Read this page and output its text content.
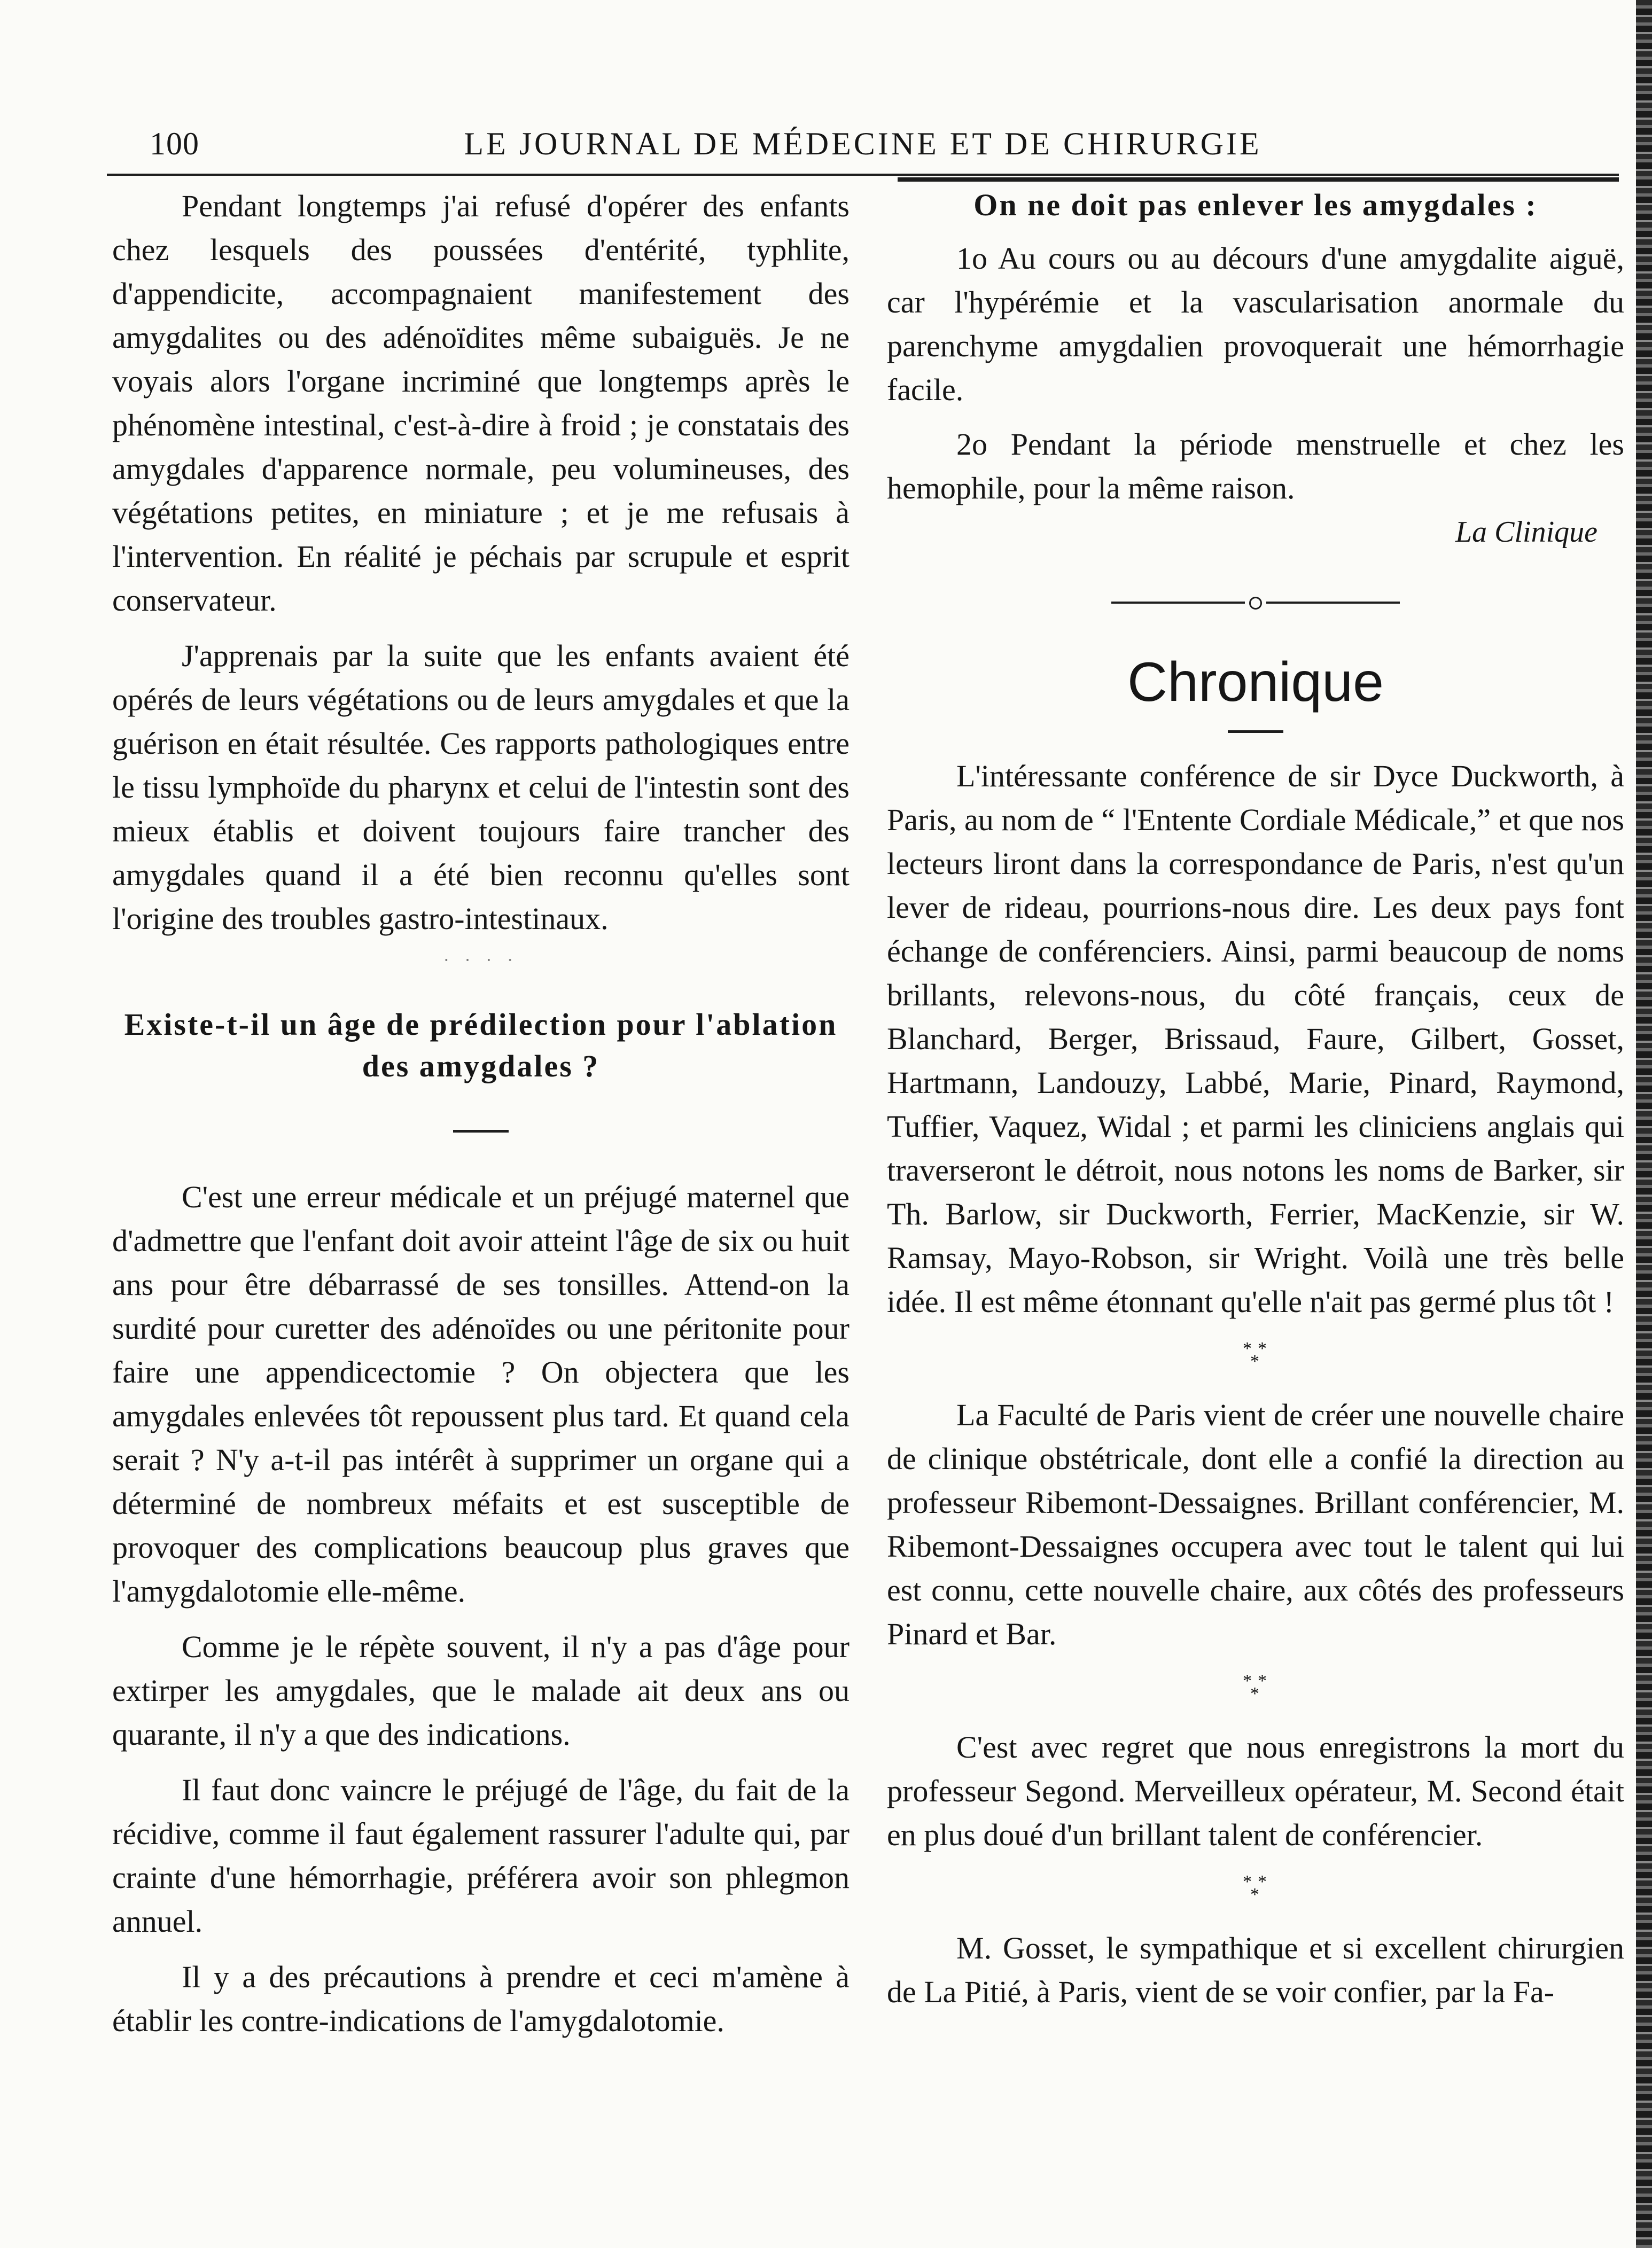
100	LE JOURNAL DE MÉDECINE ET DE CHIRURGIE

Pendant longtemps j'ai refusé d'opérer des enfants chez lesquels des poussées d'entérité, typhlite, d'appendicite, accompagnaient manifestement des amygdalites ou des adénoïdites même subaiguës. Je ne voyais alors l'organe incriminé que longtemps après le phénomène intestinal, c'est-à-dire à froid ; je constatais des amygdales d'apparence normale, peu volumineuses, des végétations petites, en miniature ; et je me refusais à l'intervention. En réalité je péchais par scrupule et esprit conservateur.

J'apprenais par la suite que les enfants avaient été opérés de leurs végétations ou de leurs amygdales et que la guérison en était résultée. Ces rapports pathologiques entre le tissu lymphoïde du pharynx et celui de l'intestin sont des mieux établis et doivent toujours faire trancher des amygdales quand il a été bien reconnu qu'elles sont l'origine des troubles gastro-intestinaux.

· · · ·
Existe-t-il un âge de prédilection pour l'ablation des amygdales ?

C'est une erreur médicale et un préjugé maternel que d'admettre que l'enfant doit avoir atteint l'âge de six ou huit ans pour être débarrassé de ses tonsilles. Attend-on la surdité pour curetter des adénoïdes ou une péritonite pour faire une appendicectomie ? On objectera que les amygdales enlevées tôt repoussent plus tard. Et quand cela serait ? N'y a-t-il pas intérêt à supprimer un organe qui a déterminé de nombreux méfaits et est susceptible de provoquer des complications beaucoup plus graves que l'amygdalotomie elle-même.

Comme je le répète souvent, il n'y a pas d'âge pour extirper les amygdales, que le malade ait deux ans ou quarante, il n'y a que des indications.

Il faut donc vaincre le préjugé de l'âge, du fait de la récidive, comme il faut également rassurer l'adulte qui, par crainte d'une hémorrhagie, préférera avoir son phlegmon annuel.

Il y a des précautions à prendre et ceci m'amène à établir les contre-indications de l'amygdalotomie.

On ne doit pas enlever les amygdales :

1o Au cours ou au décours d'une amygdalite aiguë, car l'hypérémie et la vascularisation anormale du parenchyme amygdalien provoquerait une hémorrhagie facile.

2o Pendant la période menstruelle et chez les hemophile, pour la même raison.

La Clinique
Chronique

L'intéressante conférence de sir Dyce Duckworth, à Paris, au nom de “ l'Entente Cordiale Médicale,” et que nos lecteurs liront dans la correspondance de Paris, n'est qu'un lever de rideau, pourrions-nous dire. Les deux pays font échange de conférenciers. Ainsi, parmi beaucoup de noms brillants, relevons-nous, du côté français, ceux de Blanchard, Berger, Brissaud, Faure, Gilbert, Gosset, Hartmann, Landouzy, Labbé, Marie, Pinard, Raymond, Tuffier, Vaquez, Widal ; et parmi les cliniciens anglais qui traverseront le détroit, nous notons les noms de Barker, sir Th. Barlow, sir Duckworth, Ferrier, MacKenzie, sir W. Ramsay, Mayo-Robson, sir Wright. Voilà une très belle idée. Il est même étonnant qu'elle n'ait pas germé plus tôt !

* *
*

La Faculté de Paris vient de créer une nouvelle chaire de clinique obstétricale, dont elle a confié la direction au professeur Ribemont-Dessaignes. Brillant conférencier, M. Ribemont-Dessaignes occupera avec tout le talent qui lui est connu, cette nouvelle chaire, aux côtés des professeurs Pinard et Bar.

* *
*

C'est avec regret que nous enregistrons la mort du professeur Segond. Merveilleux opérateur, M. Second était en plus doué d'un brillant talent de conférencier.

* *
*

M. Gosset, le sympathique et si excellent chirurgien de La Pitié, à Paris, vient de se voir confier, par la Fa-
